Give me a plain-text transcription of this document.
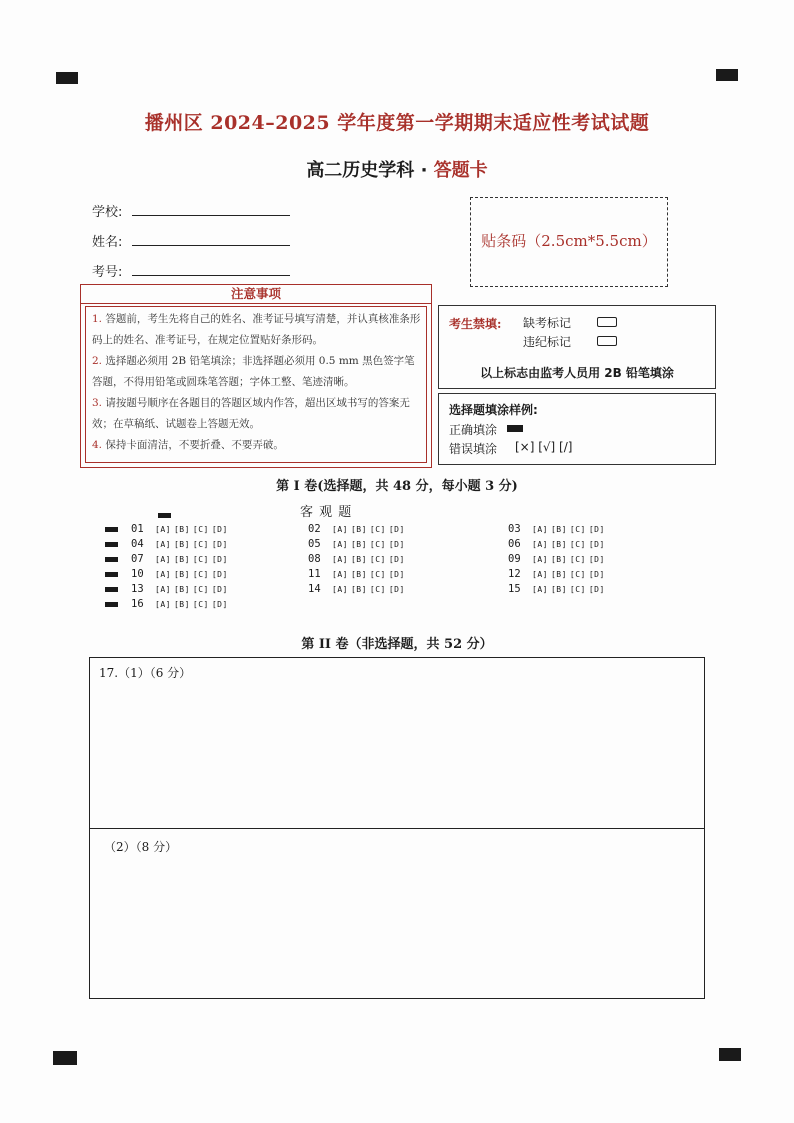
播州区 2024–2025 学年度第一学期期末适应性考试试题
高二历史学科 · 答题卡
学校:
姓名:
考号:
贴条码（2.5cm*5.5cm）
注意事项
1. 答题前，考生先将自己的姓名、准考证号填写清楚，并认真核准条形码上的姓名、准考证号，在规定位置贴好条形码。
2. 选择题必须用 2B 铅笔填涂；非选择题必须用 0.5 mm 黑色签字笔答题，不得用铅笔或圆珠笔答题；字体工整、笔迹清晰。
3. 请按题号顺序在各题目的答题区域内作答，超出区域书写的答案无效；在草稿纸、试题卷上答题无效。
4. 保持卡面清洁，不要折叠、不要弄破。
考生禁填: 缺考标记
违纪标记
以上标志由监考人员用 2B 铅笔填涂
选择题填涂样例:
正确填涂
错误填涂 [×] [√] [/]
第 I 卷(选择题，共 48 分，每小题 3 分)
客 观 题
01 [A] [B] [C] [D]	02 [A] [B] [C] [D]	03 [A] [B] [C] [D]
04 [A] [B] [C] [D]	05 [A] [B] [C] [D]	06 [A] [B] [C] [D]
07 [A] [B] [C] [D]	08 [A] [B] [C] [D]	09 [A] [B] [C] [D]
10 [A] [B] [C] [D]	11 [A] [B] [C] [D]	12 [A] [B] [C] [D]
13 [A] [B] [C] [D]	14 [A] [B] [C] [D]	15 [A] [B] [C] [D]
16 [A] [B] [C] [D]
第 II 卷（非选择题，共 52 分）
17.（1）（6 分）
（2）（8 分）
